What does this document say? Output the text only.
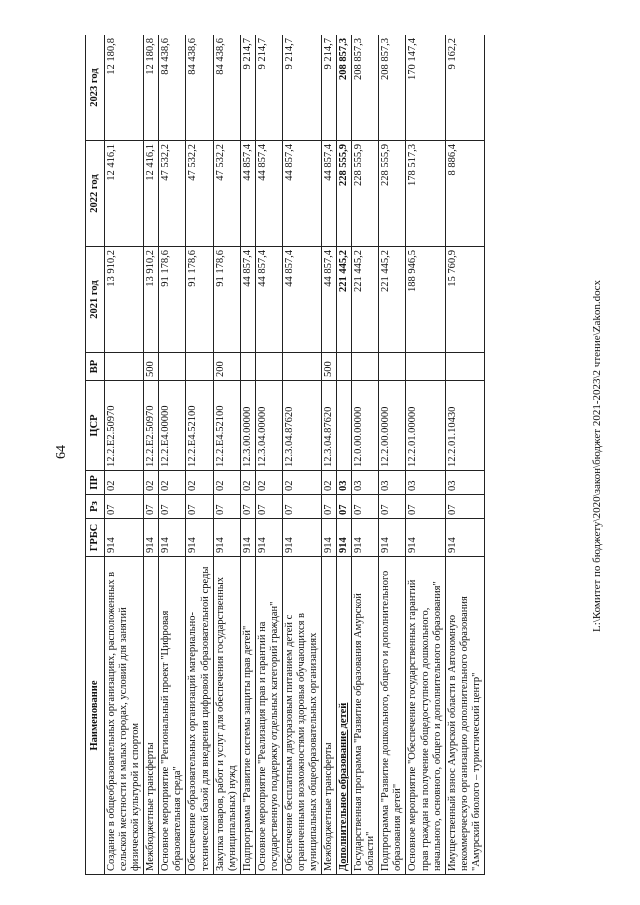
64
Наименование	ГРБС	Рз	ПР	ЦСР	ВР	2021 год	2022 год	2023 год
Создание в общеобразовательных организациях, расположенных в сельской местности и малых городах, условий для занятий физической культурой и спортом	914	07	02	12.2.E2.50970		13 910,2	12 416,1	12 180,8
Межбюджетные трансферты	914	07	02	12.2.E2.50970	500	13 910,2	12 416,1	12 180,8
Основное мероприятие "Региональный проект "Цифровая образовательная среда"	914	07	02	12.2.E4.00000		91 178,6	47 532,2	84 438,6
Обеспечение образовательных организаций материально-технической базой для внедрения цифровой образовательной среды	914	07	02	12.2.E4.52100		91 178,6	47 532,2	84 438,6
Закупка товаров, работ и услуг для обеспечения государственных (муниципальных) нужд	914	07	02	12.2.E4.52100	200	91 178,6	47 532,2	84 438,6
Подпрограмма "Развитие системы защиты прав детей"	914	07	02	12.3.00.00000		44 857,4	44 857,4	9 214,7
Основное мероприятие "Реализация прав и гарантий на государственную поддержку отдельных категорий граждан"	914	07	02	12.3.04.00000		44 857,4	44 857,4	9 214,7
Обеспечение бесплатным двухразовым питанием детей с ограниченными возможностями здоровья обучающихся в муниципальных общеобразовательных организациях	914	07	02	12.3.04.87620		44 857,4	44 857,4	9 214,7
Межбюджетные трансферты	914	07	02	12.3.04.87620	500	44 857,4	44 857,4	9 214,7
Дополнительное образование детей	914	07	03			221 445,2	228 555,9	208 857,3
Государственная программа "Развитие образования Амурской области"	914	07	03	12.0.00.00000		221 445,2	228 555,9	208 857,3
Подпрограмма "Развитие дошкольного, общего и дополнительного образования детей"	914	07	03	12.2.00.00000		221 445,2	228 555,9	208 857,3
Основное мероприятие "Обеспечение государственных гарантий прав граждан на получение общедоступного дошкольного, начального, основного, общего и дополнительного образования"	914	07	03	12.2.01.00000		188 946,5	178 517,3	170 147,4
Имущественный взнос Амурской области в Автономную некоммерческую организацию дополнительного образования "Амурский биолого – туристический центр"	914	07	03	12.2.01.10430		15 760,9	8 886,4	9 162,2
L:\Комитет по бюджету\2020\закон\бюджет 2021-2023\2 чтение\Zakon.docx
